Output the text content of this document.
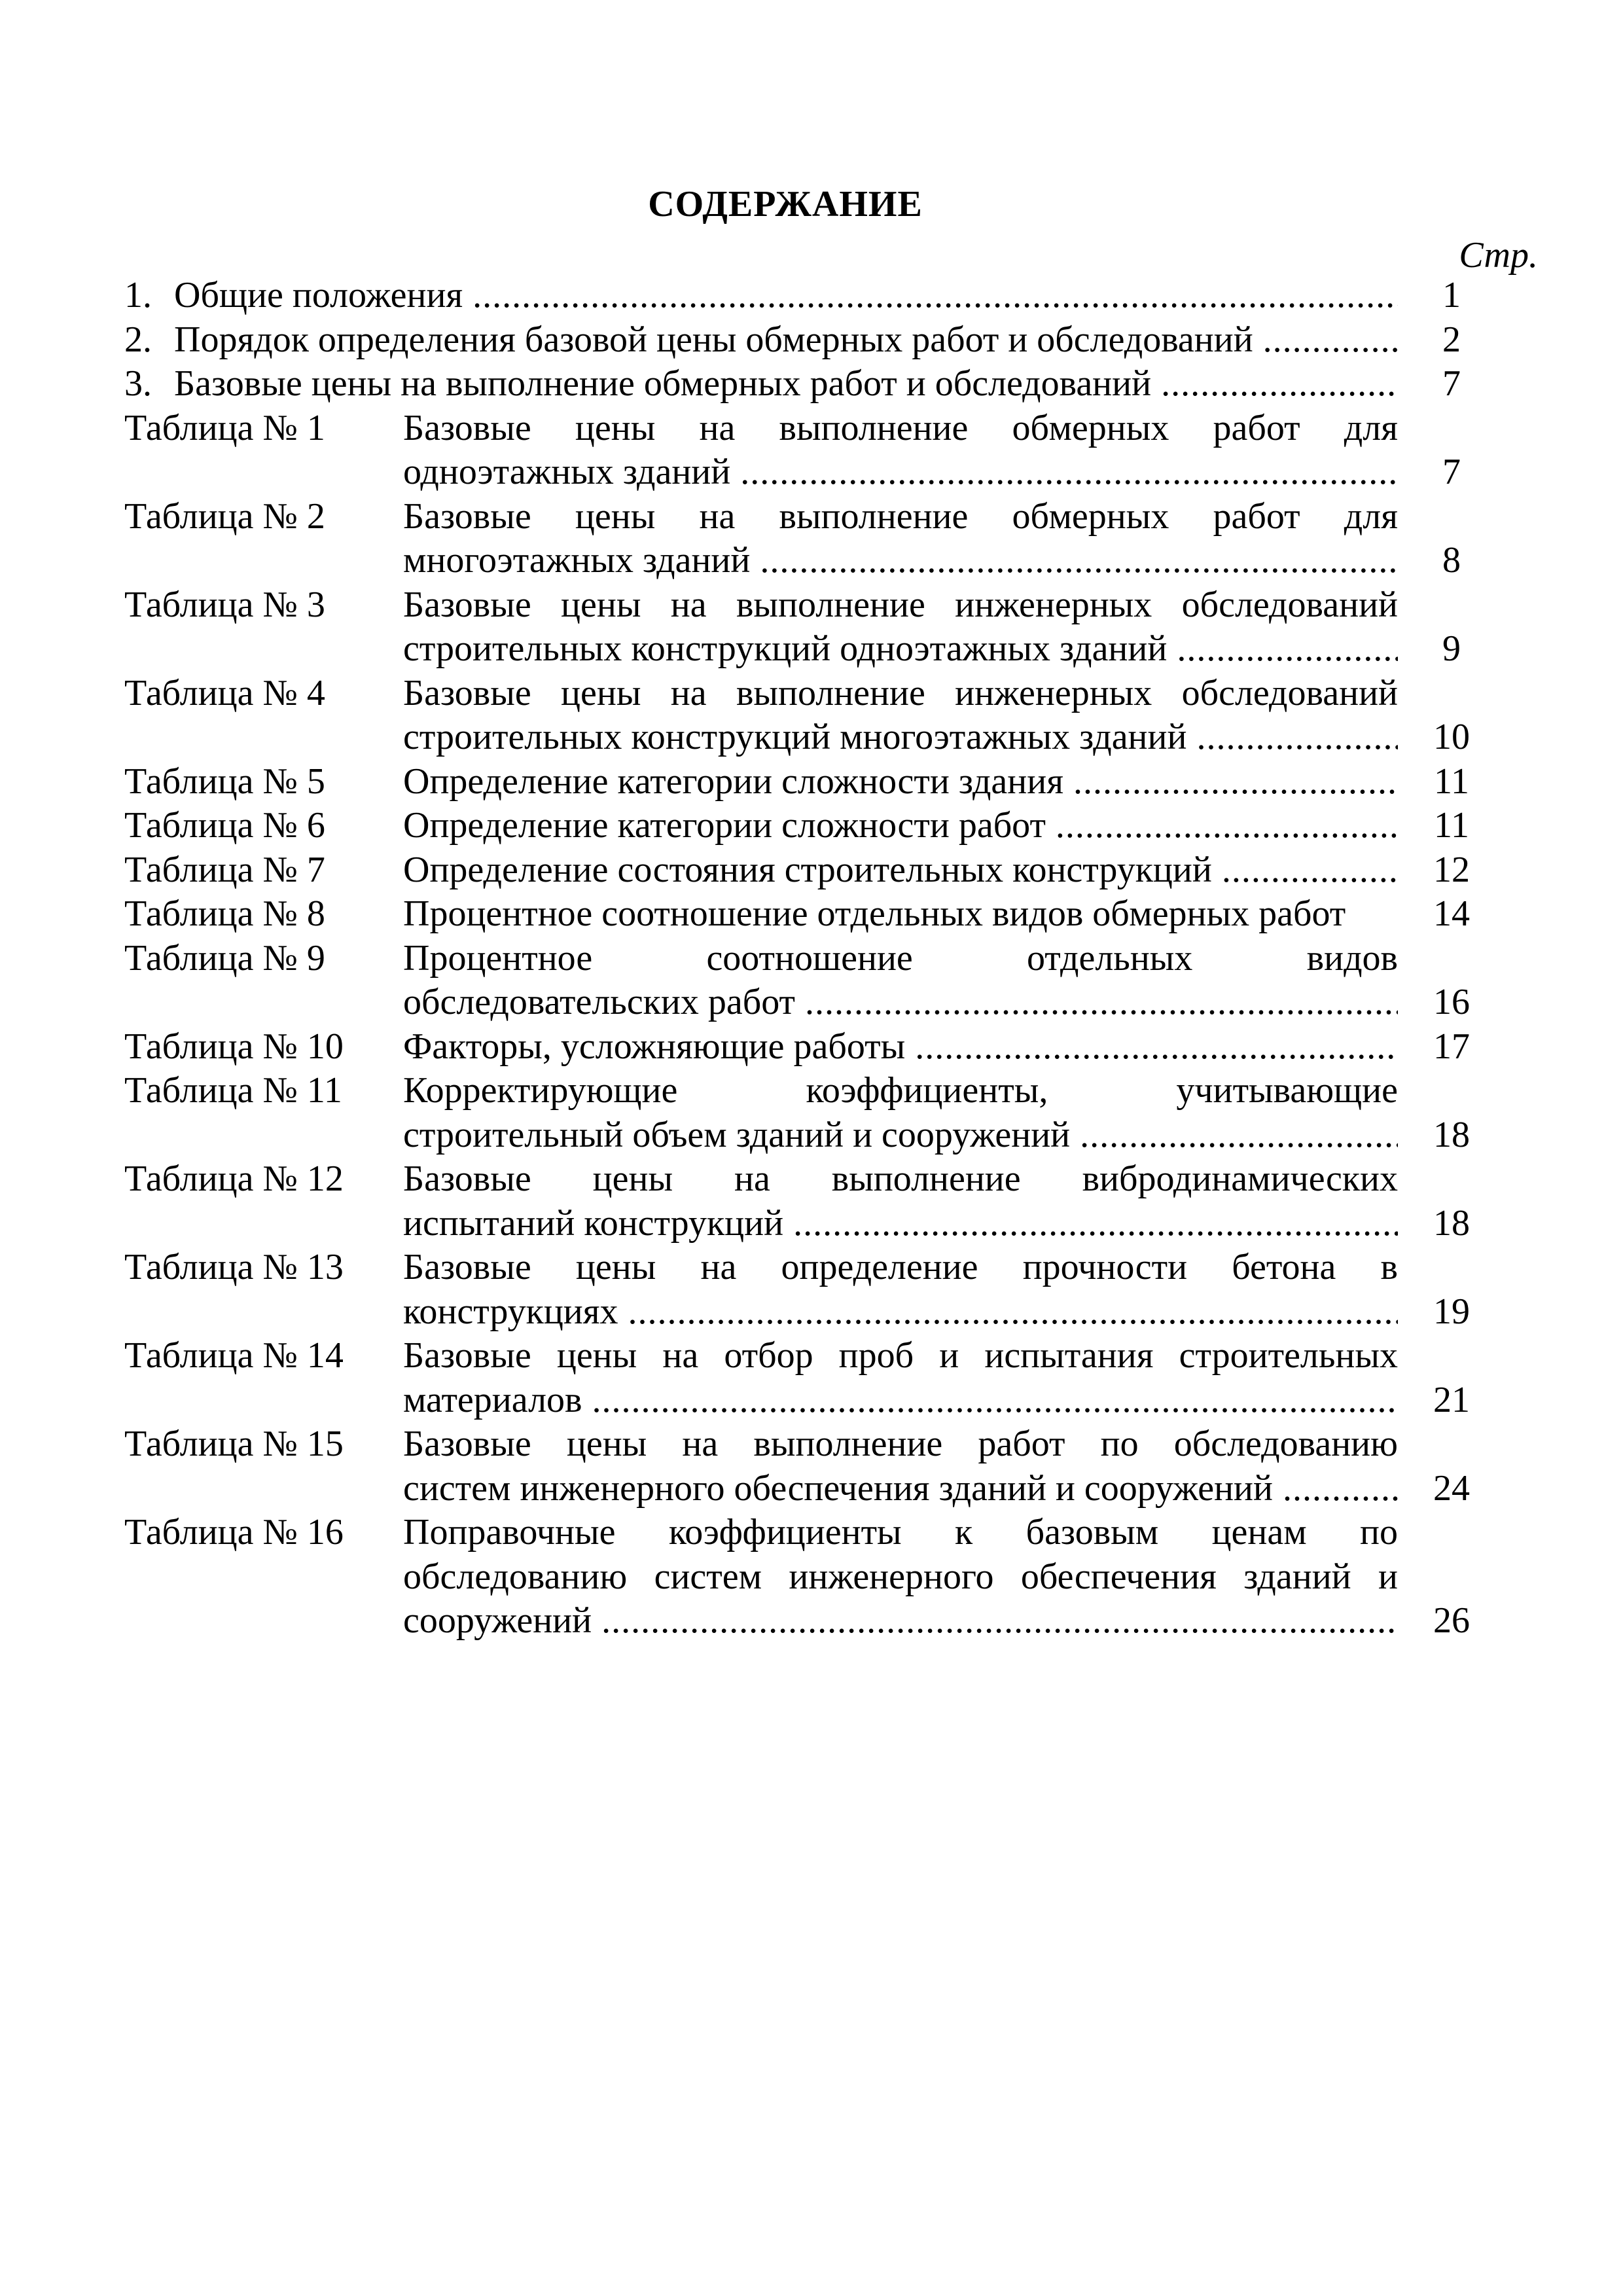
СОДЕРЖАНИЕ
Стр.
1. Общие положения .....	1
2. Порядок определения базовой цены обмерных работ и обследований .....	2
3. Базовые цены на выполнение обмерных работ и обследований .....	7
Таблица № 1	Базовые цены на выполнение обмерных работ для
одноэтажных зданий .....	7
Таблица № 2	Базовые цены на выполнение обмерных работ для
многоэтажных зданий .....	8
Таблица № 3	Базовые цены на выполнение инженерных обследований
строительных конструкций одноэтажных зданий .....	9
Таблица № 4	Базовые цены на выполнение инженерных обследований
строительных конструкций многоэтажных зданий .....	10
Таблица № 5	Определение категории сложности здания .....	11
Таблица № 6	Определение категории сложности работ .....	11
Таблица № 7	Определение состояния строительных конструкций .....	12
Таблица № 8	Процентное соотношение отдельных видов обмерных работ	14
Таблица № 9	Процентное соотношение отдельных видов
обследовательских работ .....	16
Таблица № 10	Факторы, усложняющие работы .....	17
Таблица № 11	Корректирующие коэффициенты, учитывающие
строительный объем зданий и сооружений .....	18
Таблица № 12	Базовые цены на выполнение вибродинамических
испытаний конструкций .....	18
Таблица № 13	Базовые цены на определение прочности бетона в
конструкциях .....	19
Таблица № 14	Базовые цены на отбор проб и испытания строительных
материалов .....	21
Таблица № 15	Базовые цены на выполнение работ по обследованию
систем инженерного обеспечения зданий и сооружений .....	24
Таблица № 16	Поправочные коэффициенты к базовым ценам по
обследованию систем инженерного обеспечения зданий и
сооружений .....	26
